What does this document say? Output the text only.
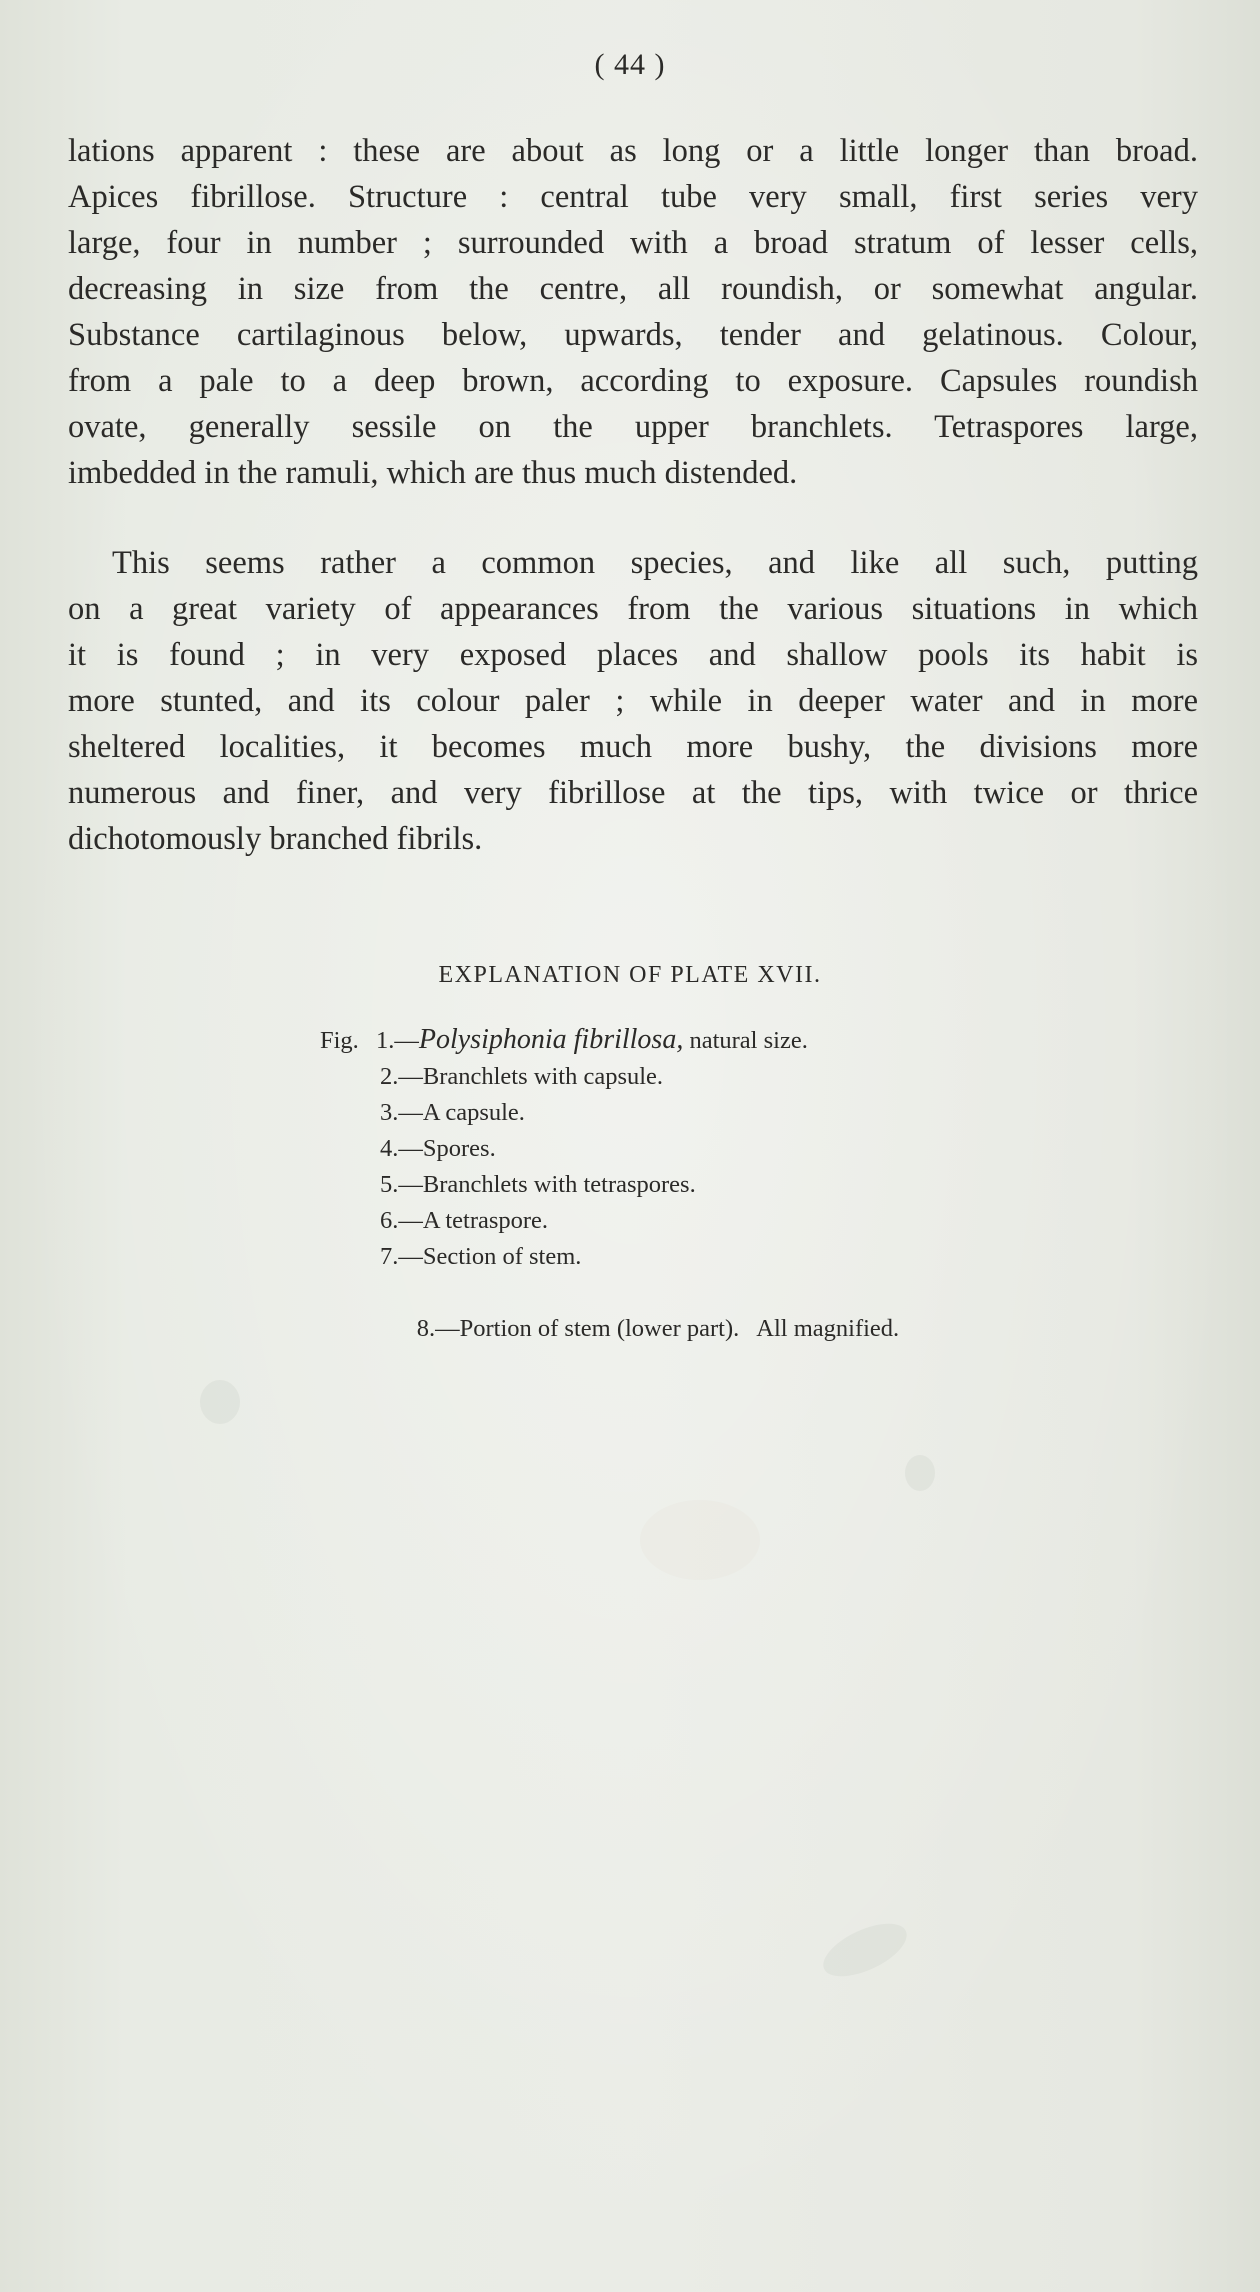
( 44 )
lations apparent : these are about as long or a little longer than broad.
Apices fibrillose. Structure : central tube very small, first series very
large, four in number ; surrounded with a broad stratum of lesser cells,
decreasing in size from the centre, all roundish, or somewhat angular.
Substance cartilaginous below, upwards, tender and gelatinous. Colour,
from a pale to a deep brown, according to exposure. Capsules roundish
ovate, generally sessile on the upper branchlets. Tetraspores large,
imbedded in the ramuli, which are thus much distended.
This seems rather a common species, and like all such, putting
on a great variety of appearances from the various situations in which
it is found ; in very exposed places and shallow pools its habit is
more stunted, and its colour paler ; while in deeper water and in more
sheltered localities, it becomes much more bushy, the divisions more
numerous and finer, and very fibrillose at the tips, with twice or thrice
dichotomously branched fibrils.
EXPLANATION OF PLATE XVII.
Fig. 1.—Polysiphonia fibrillosa, natural size.
2.—Branchlets with capsule.
3.—A capsule.
4.—Spores.
5.—Branchlets with tetraspores.
6.—A tetraspore.
7.—Section of stem.

8.—Portion of stem (lower part).   All magnified.
